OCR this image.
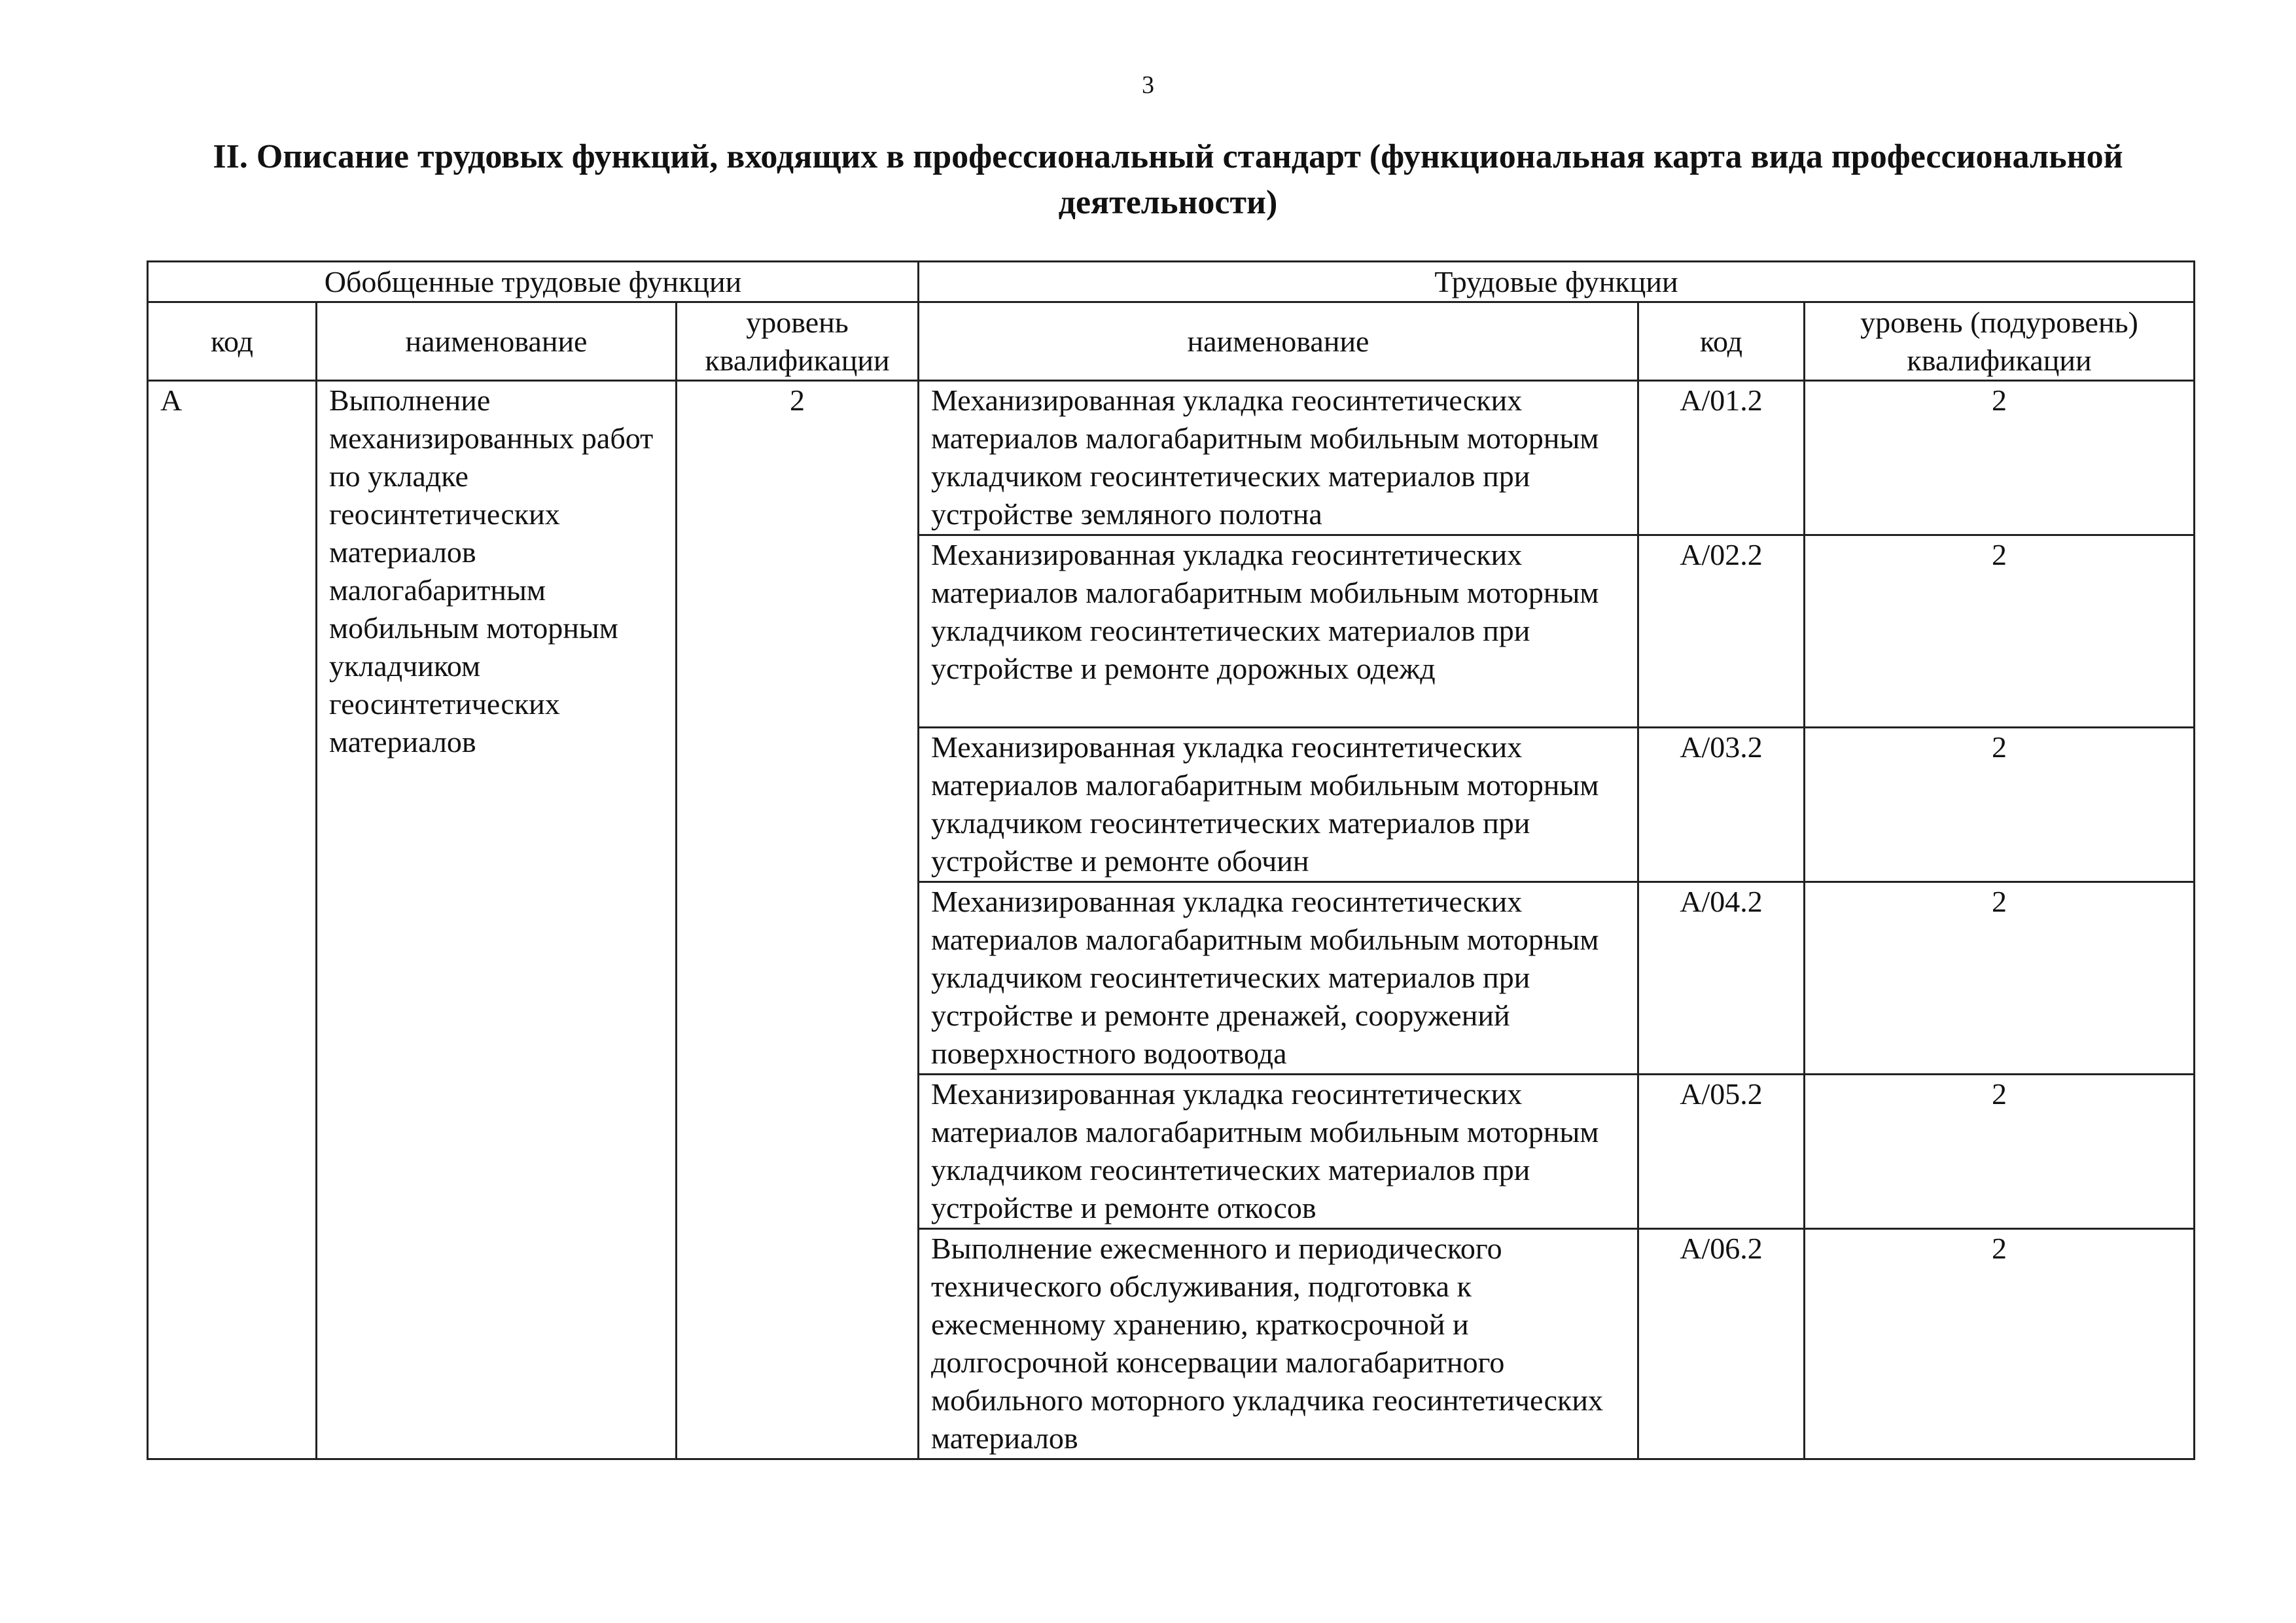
3
II. Описание трудовых функций, входящих в профессиональный стандарт (функциональная карта вида профессиональной деятельности)
Обобщенные трудовые функции			Трудовые функции		
код	наименование	уровень квалификации	наименование	код	уровень (подуровень) квалификации
А	Выполнение механизированных работ по укладке геосинтетических материалов малогабаритным мобильным моторным укладчиком геосинтетических материалов	2	Механизированная укладка геосинтетических материалов малогабаритным мобильным моторным укладчиком геосинтетических материалов при устройстве земляного полотна	А/01.2	2
			Механизированная укладка геосинтетических материалов малогабаритным мобильным моторным укладчиком геосинтетических материалов при устройстве и ремонте дорожных одежд	А/02.2	2
			Механизированная укладка геосинтетических материалов малогабаритным мобильным моторным укладчиком геосинтетических материалов при устройстве и ремонте обочин	А/03.2	2
			Механизированная укладка геосинтетических материалов малогабаритным мобильным моторным укладчиком геосинтетических материалов при устройстве и ремонте дренажей, сооружений поверхностного водоотвода	А/04.2	2
			Механизированная укладка геосинтетических материалов малогабаритным мобильным моторным укладчиком геосинтетических материалов при устройстве и ремонте откосов	А/05.2	2
			Выполнение ежесменного и периодического технического обслуживания, подготовка к ежесменному хранению, краткосрочной и долгосрочной консервации малогабаритного мобильного моторного укладчика геосинтетических материалов	А/06.2	2
